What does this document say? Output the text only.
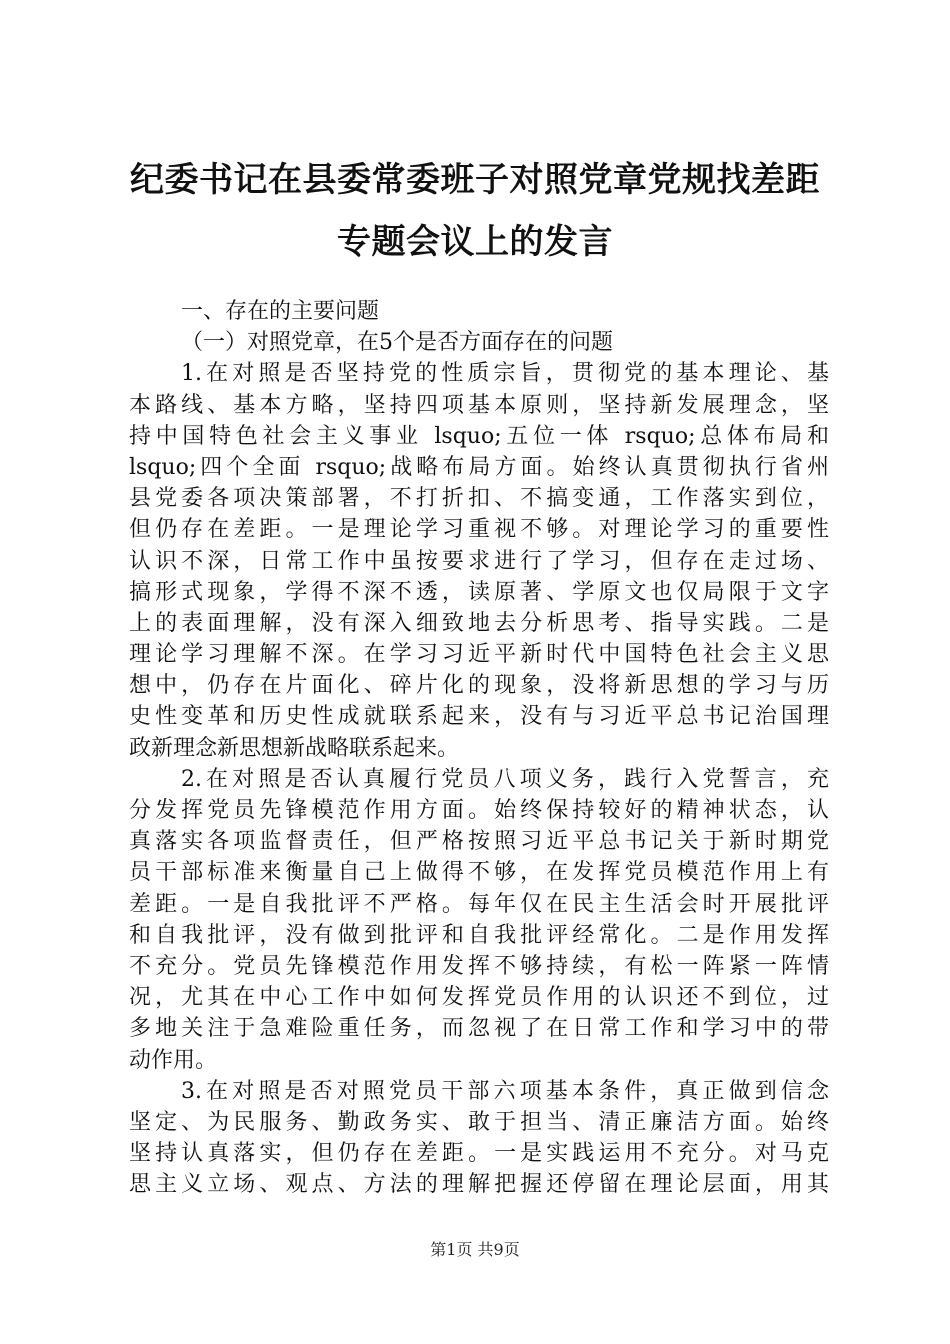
纪委书记在县委常委班子对照党章党规找差距
专题会议上的发言
一、存在的主要问题
（一）对照党章，在5个是否方面存在的问题
1.在对照是否坚持党的性质宗旨，贯彻党的基本理论、基
本路线、基本方略，坚持四项基本原则，坚持新发展理念，坚
持中国特色社会主义事业 lsquo;五位一体 rsquo;总体布局和
lsquo;四个全面 rsquo;战略布局方面。始终认真贯彻执行省州
县党委各项决策部署，不打折扣、不搞变通，工作落实到位，
但仍存在差距。一是理论学习重视不够。对理论学习的重要性
认识不深，日常工作中虽按要求进行了学习，但存在走过场、
搞形式现象，学得不深不透，读原著、学原文也仅局限于文字
上的表面理解，没有深入细致地去分析思考、指导实践。二是
理论学习理解不深。在学习习近平新时代中国特色社会主义思
想中，仍存在片面化、碎片化的现象，没将新思想的学习与历
史性变革和历史性成就联系起来，没有与习近平总书记治国理
政新理念新思想新战略联系起来。
2.在对照是否认真履行党员八项义务，践行入党誓言，充
分发挥党员先锋模范作用方面。始终保持较好的精神状态，认
真落实各项监督责任，但严格按照习近平总书记关于新时期党
员干部标准来衡量自己上做得不够，在发挥党员模范作用上有
差距。一是自我批评不严格。每年仅在民主生活会时开展批评
和自我批评，没有做到批评和自我批评经常化。二是作用发挥
不充分。党员先锋模范作用发挥不够持续，有松一阵紧一阵情
况，尤其在中心工作中如何发挥党员作用的认识还不到位，过
多地关注于急难险重任务，而忽视了在日常工作和学习中的带
动作用。
3.在对照是否对照党员干部六项基本条件，真正做到信念
坚定、为民服务、勤政务实、敢于担当、清正廉洁方面。始终
坚持认真落实，但仍存在差距。一是实践运用不充分。对马克
思主义立场、观点、方法的理解把握还停留在理论层面，用其
第1页 共9页
